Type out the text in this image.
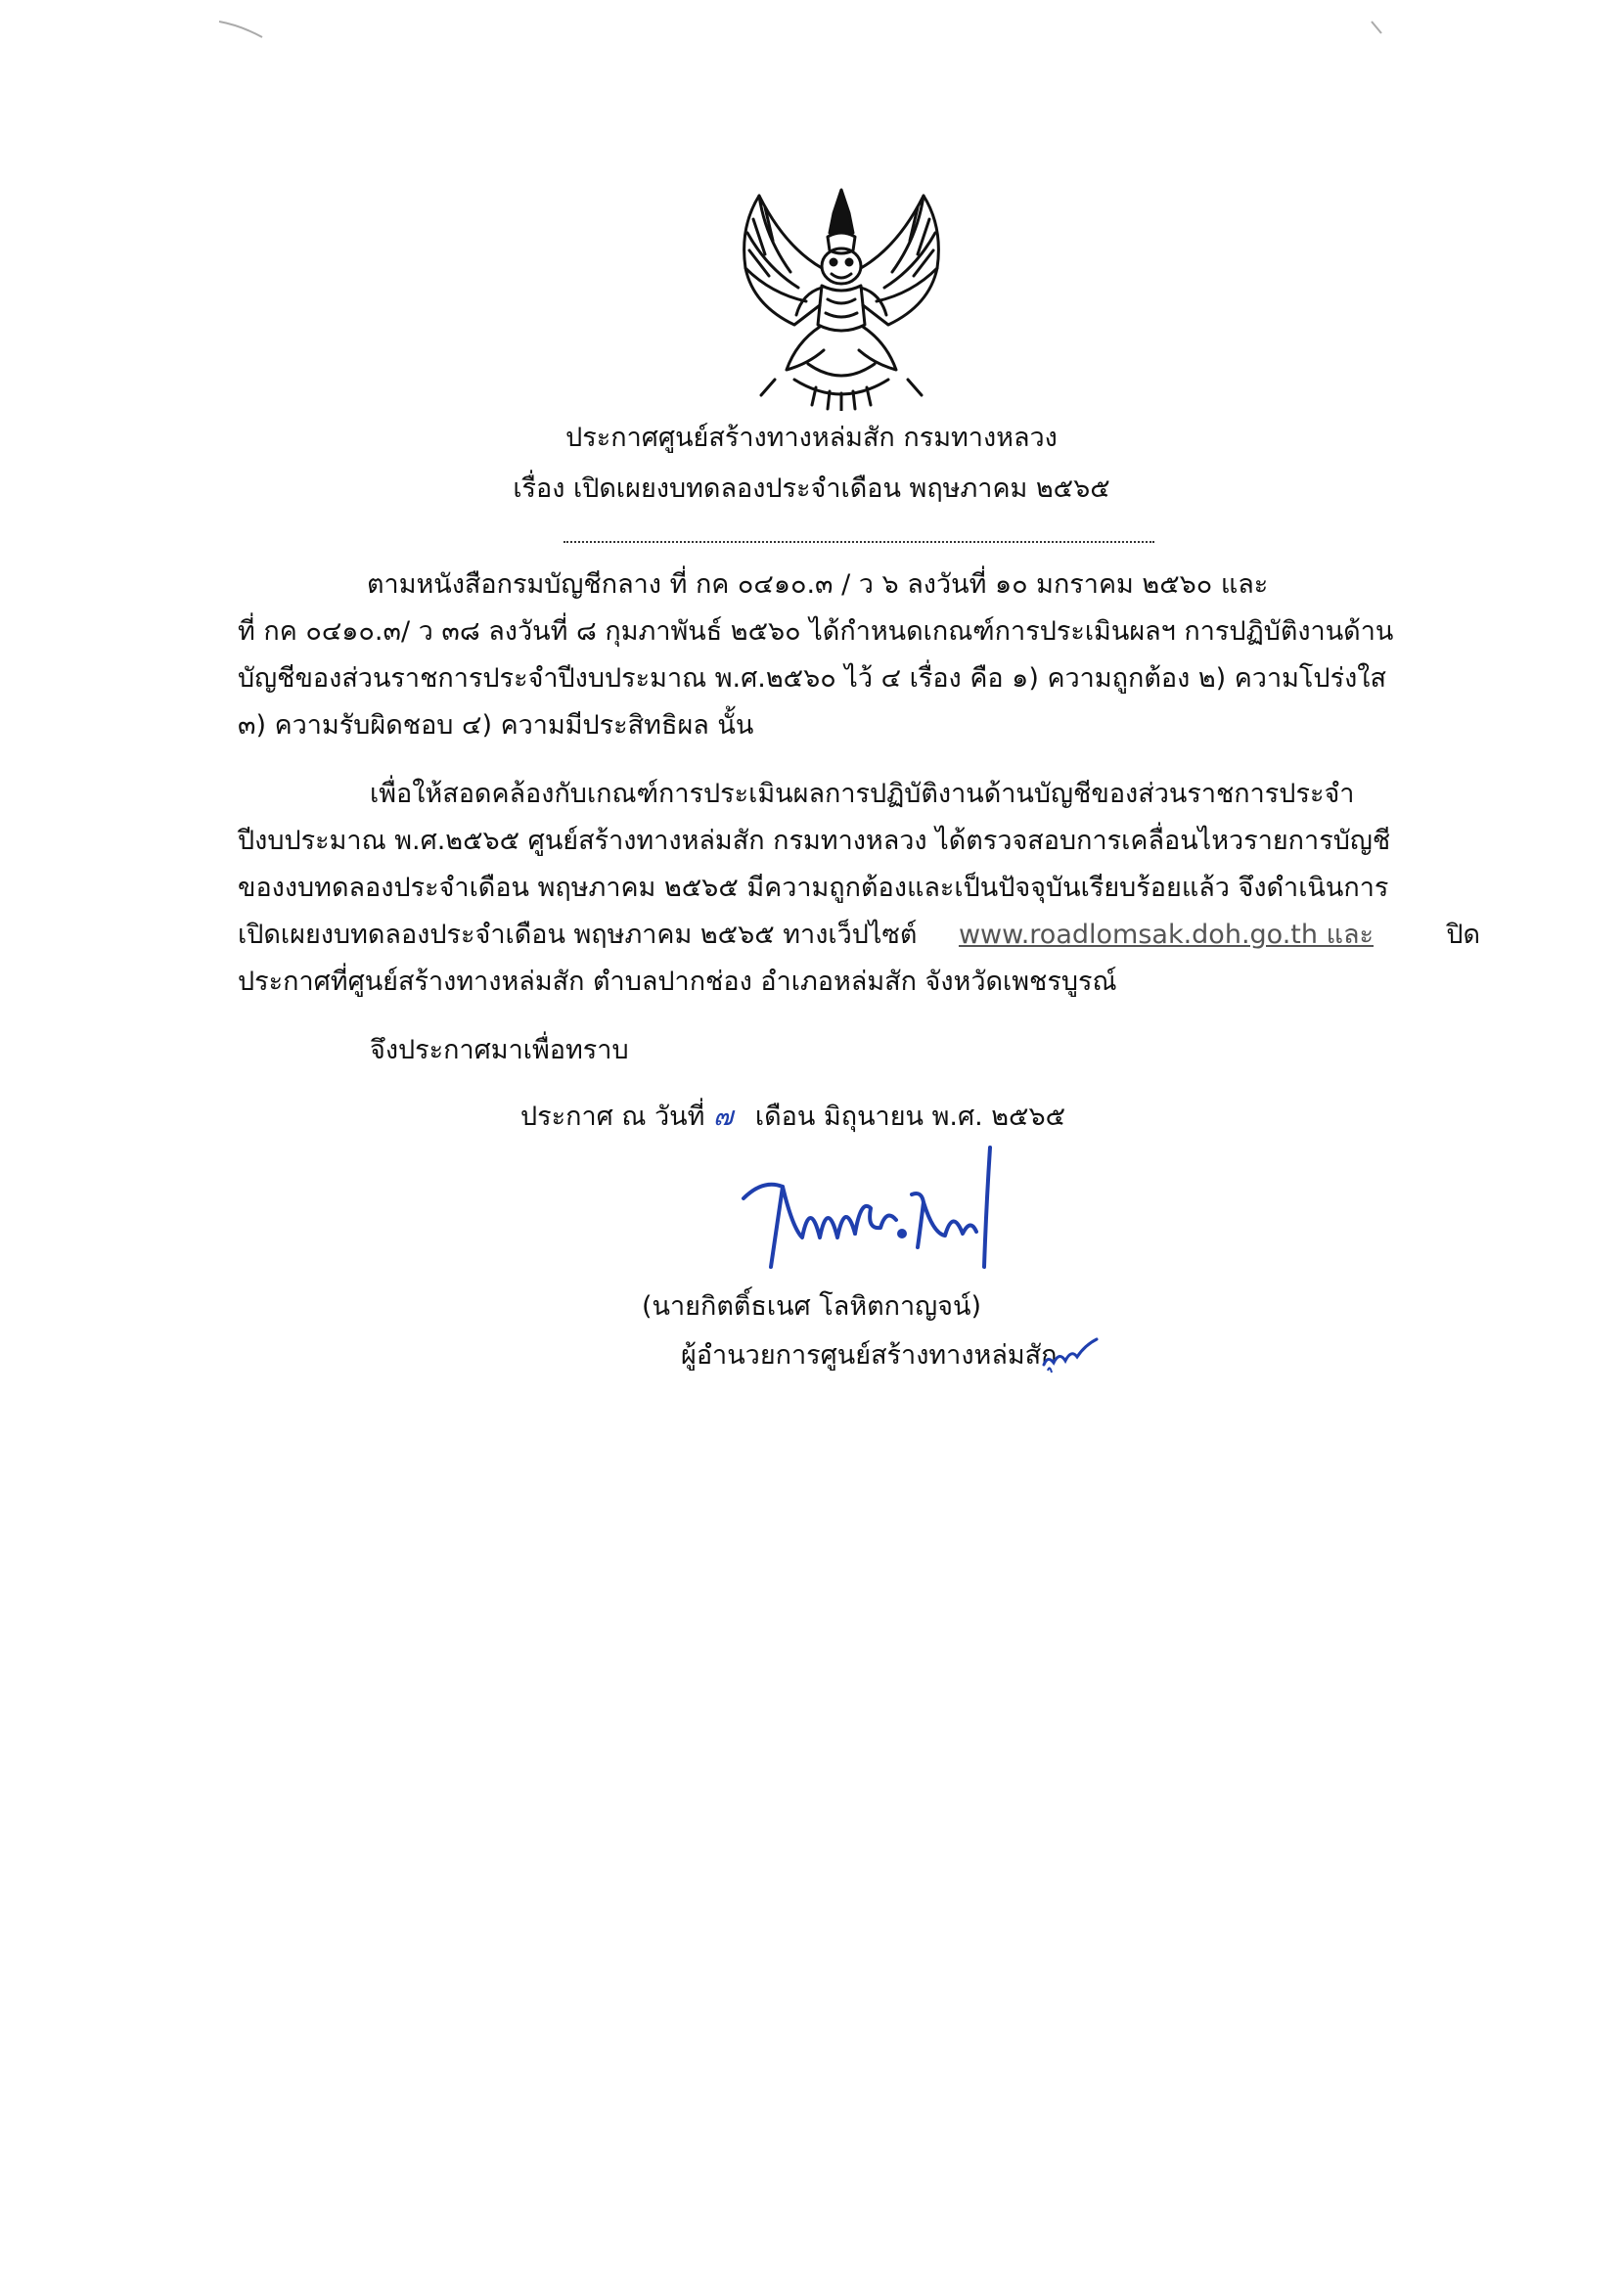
ประกาศศูนย์สร้างทางหล่มสัก กรมทางหลวง
เรื่อง เปิดเผยงบทดลองประจำเดือน พฤษภาคม ๒๕๖๕
ตามหนังสือกรมบัญชีกลาง ที่ กค ๐๔๑๐.๓ / ว ๖ ลงวันที่ ๑๐ มกราคม ๒๕๖๐ และ
ที่ กค ๐๔๑๐.๓/ ว ๓๘ ลงวันที่ ๘ กุมภาพันธ์ ๒๕๖๐ ได้กำหนดเกณฑ์การประเมินผลฯ การปฏิบัติงานด้าน
บัญชีของส่วนราชการประจำปีงบประมาณ พ.ศ.๒๕๖๐ ไว้ ๔ เรื่อง คือ ๑) ความถูกต้อง ๒) ความโปร่งใส
๓) ความรับผิดชอบ ๔) ความมีประสิทธิผล นั้น
เพื่อให้สอดคล้องกับเกณฑ์การประเมินผลการปฏิบัติงานด้านบัญชีของส่วนราชการประจำ
ปีงบประมาณ พ.ศ.๒๕๖๕ ศูนย์สร้างทางหล่มสัก กรมทางหลวง ได้ตรวจสอบการเคลื่อนไหวรายการบัญชี
ของงบทดลองประจำเดือน พฤษภาคม ๒๕๖๕ มีความถูกต้องและเป็นปัจจุบันเรียบร้อยแล้ว จึงดำเนินการ
เปิดเผยงบทดลองประจำเดือน พฤษภาคม ๒๕๖๕ ทางเว็ปไซต์ www.roadlomsak.doh.go.th และ	ปิด
ประกาศที่ศูนย์สร้างทางหล่มสัก ตำบลปากช่อง อำเภอหล่มสัก จังหวัดเพชรบูรณ์
จึงประกาศมาเพื่อทราบ
ประกาศ ณ วันที่ ๗ เดือน มิถุนายน พ.ศ. ๒๕๖๕
(นายกิตติ์ธเนศ โลหิตกาญจน์)
ผู้อำนวยการศูนย์สร้างทางหล่มสัก
